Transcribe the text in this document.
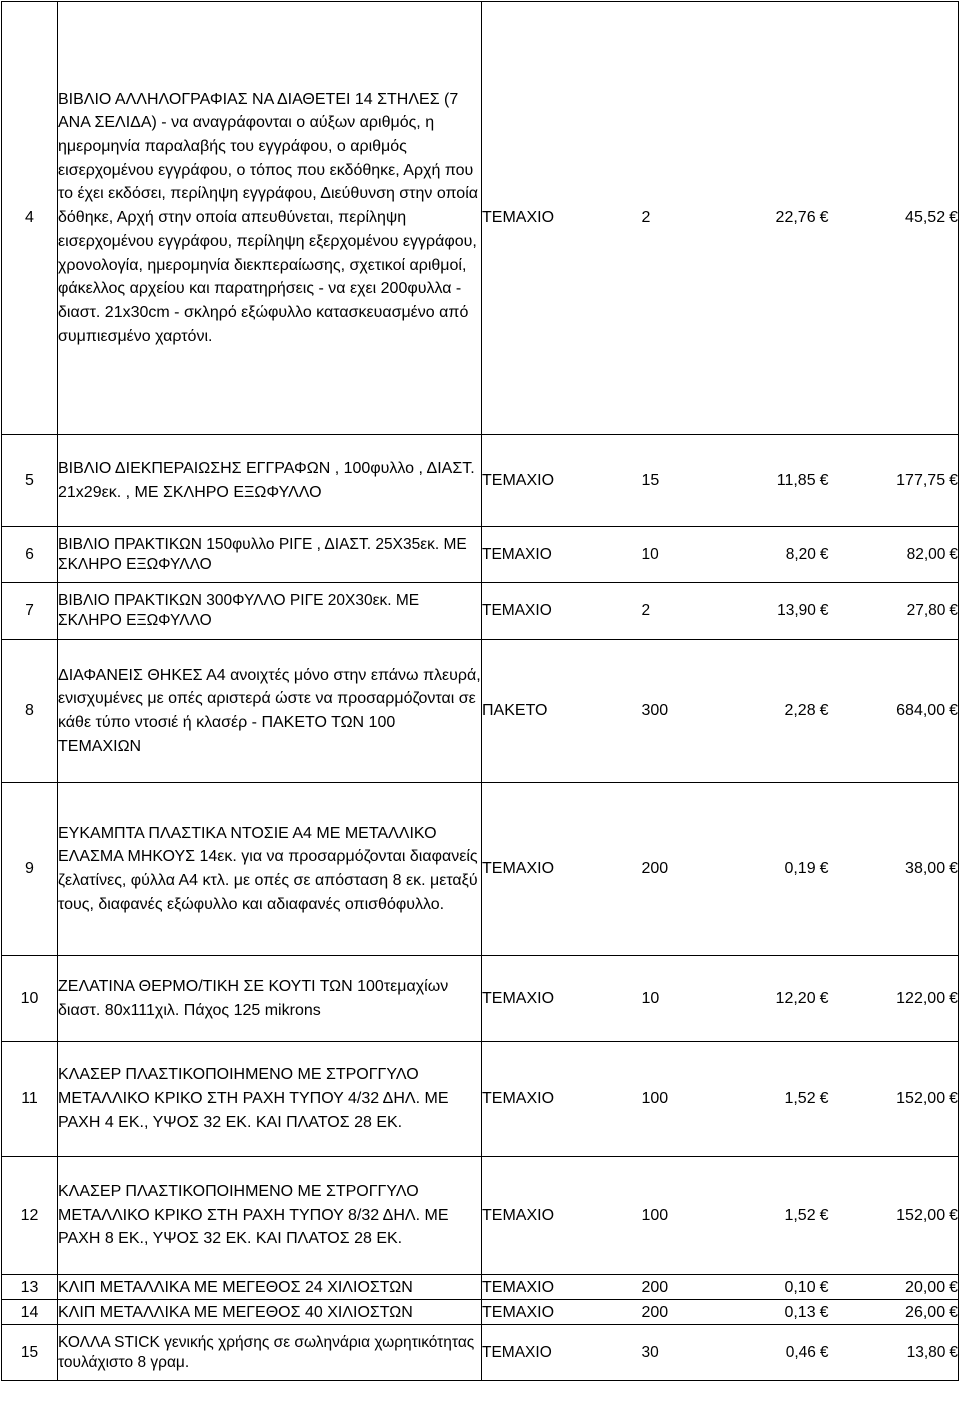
4	ΒΙΒΛΙΟ ΑΛΛΗΛΟΓΡΑΦΙΑΣ ΝΑ ΔΙΑΘΕΤΕΙ 14 ΣΤΗΛΕΣ (7 ΑΝΑ ΣΕΛΙΔΑ) - να αναγράφονται ο αύξων αριθμός, η ημερομηνία παραλαβής του εγγράφου, ο αριθμός εισερχομένου εγγράφου, ο τόπος που εκδόθηκε, Αρχή που το έχει εκδόσει, περίληψη εγγράφου, Διεύθυνση στην οποία δόθηκε, Αρχή στην οποία απευθύνεται, περίληψη εισερχομένου εγγράφου, περίληψη εξερχομένου εγγράφου, χρονολογία, ημερομηνία διεκπεραίωσης, σχετικοί αριθμοί, φάκελλος αρχείου και παρατηρήσεις - να εχει 200φυλλα - διαστ. 21x30cm - σκληρό εξώφυλλο κατασκευασμένο από συμπιεσμένο χαρτόνι.	ΤΕΜΑΧΙΟ	2	22,76 €	45,52 €
5	ΒΙΒΛΙΟ ΔΙΕΚΠΕΡΑΙΩΣΗΣ ΕΓΓΡΑΦΩΝ , 100φυλλο , ΔΙΑΣΤ. 21x29εκ. , ΜΕ ΣΚΛΗΡΟ ΕΞΩΦΥΛΛΟ	ΤΕΜΑΧΙΟ	15	11,85 €	177,75 €
6	ΒΙΒΛΙΟ ΠΡΑΚΤΙΚΩΝ 150φυλλο ΡΙΓΕ , ΔΙΑΣΤ. 25Χ35εκ. ΜΕ ΣΚΛΗΡΟ ΕΞΩΦΥΛΛΟ	ΤΕΜΑΧΙΟ	10	8,20 €	82,00 €
7	ΒΙΒΛΙΟ ΠΡΑΚΤΙΚΩΝ 300ΦΥΛΛΟ ΡΙΓΕ 20Χ30εκ. ΜΕ ΣΚΛΗΡΟ ΕΞΩΦΥΛΛΟ	ΤΕΜΑΧΙΟ	2	13,90 €	27,80 €
8	ΔΙΑΦΑΝΕΙΣ ΘΗΚΕΣ Α4 ανοιχτές μόνο στην επάνω πλευρά, ενισχυμένες με οπές αριστερά ώστε να προσαρμόζονται σε κάθε τύπο ντοσιέ ή κλασέρ - ΠΑΚΕΤΟ ΤΩΝ 100 ΤΕΜΑΧΙΩΝ	ΠΑΚΕΤΟ	300	2,28 €	684,00 €
9	ΕΥΚΑΜΠΤΑ ΠΛΑΣΤΙΚΑ ΝΤΟΣΙΕ Α4 ΜΕ ΜΕΤΑΛΛΙΚΟ ΕΛΑΣΜΑ ΜΗΚΟΥΣ 14εκ. για να προσαρμόζονται διαφανείς ζελατίνες, φύλλα Α4 κτλ. με οπές σε απόσταση 8 εκ. μεταξύ τους, διαφανές εξώφυλλο και αδιαφανές οπισθόφυλλο.	ΤΕΜΑΧΙΟ	200	0,19 €	38,00 €
10	ΖΕΛΑΤΙΝΑ ΘΕΡΜΟ/ΤΙΚΗ ΣΕ ΚΟΥΤΙ ΤΩΝ 100τεμαχίων διαστ. 80x111χιλ. Πάχος 125 mikrons	ΤΕΜΑΧΙΟ	10	12,20 €	122,00 €
11	ΚΛΑΣΕΡ ΠΛΑΣΤΙΚΟΠΟΙΗΜΕΝΟ ΜΕ ΣΤΡΟΓΓΥΛΟ ΜΕΤΑΛΛΙΚΟ ΚΡΙΚΟ ΣΤΗ ΡΑΧΗ ΤΥΠΟΥ 4/32 ΔΗΛ. ΜΕ ΡΑΧΗ 4 ΕΚ., ΥΨΟΣ 32 ΕΚ. ΚΑΙ ΠΛΑΤΟΣ 28 ΕΚ.	ΤΕΜΑΧΙΟ	100	1,52 €	152,00 €
12	ΚΛΑΣΕΡ ΠΛΑΣΤΙΚΟΠΟΙΗΜΕΝΟ ΜΕ ΣΤΡΟΓΓΥΛΟ ΜΕΤΑΛΛΙΚΟ ΚΡΙΚΟ ΣΤΗ ΡΑΧΗ ΤΥΠΟΥ 8/32 ΔΗΛ. ΜΕ ΡΑΧΗ 8 ΕΚ., ΥΨΟΣ 32 ΕΚ. ΚΑΙ ΠΛΑΤΟΣ 28 ΕΚ.	ΤΕΜΑΧΙΟ	100	1,52 €	152,00 €
13	ΚΛΙΠ ΜΕΤΑΛΛΙΚΑ ΜΕ ΜΕΓΕΘΟΣ 24 ΧΙΛΙΟΣΤΩΝ	ΤΕΜΑΧΙΟ	200	0,10 €	20,00 €
14	ΚΛΙΠ ΜΕΤΑΛΛΙΚΑ ΜΕ ΜΕΓΕΘΟΣ 40 ΧΙΛΙΟΣΤΩΝ	ΤΕΜΑΧΙΟ	200	0,13 €	26,00 €
15	ΚΟΛΛΑ STICK γενικής χρήσης σε σωληνάρια χωρητικότητας τουλάχιστο 8 γραμ.	ΤΕΜΑΧΙΟ	30	0,46 €	13,80 €
